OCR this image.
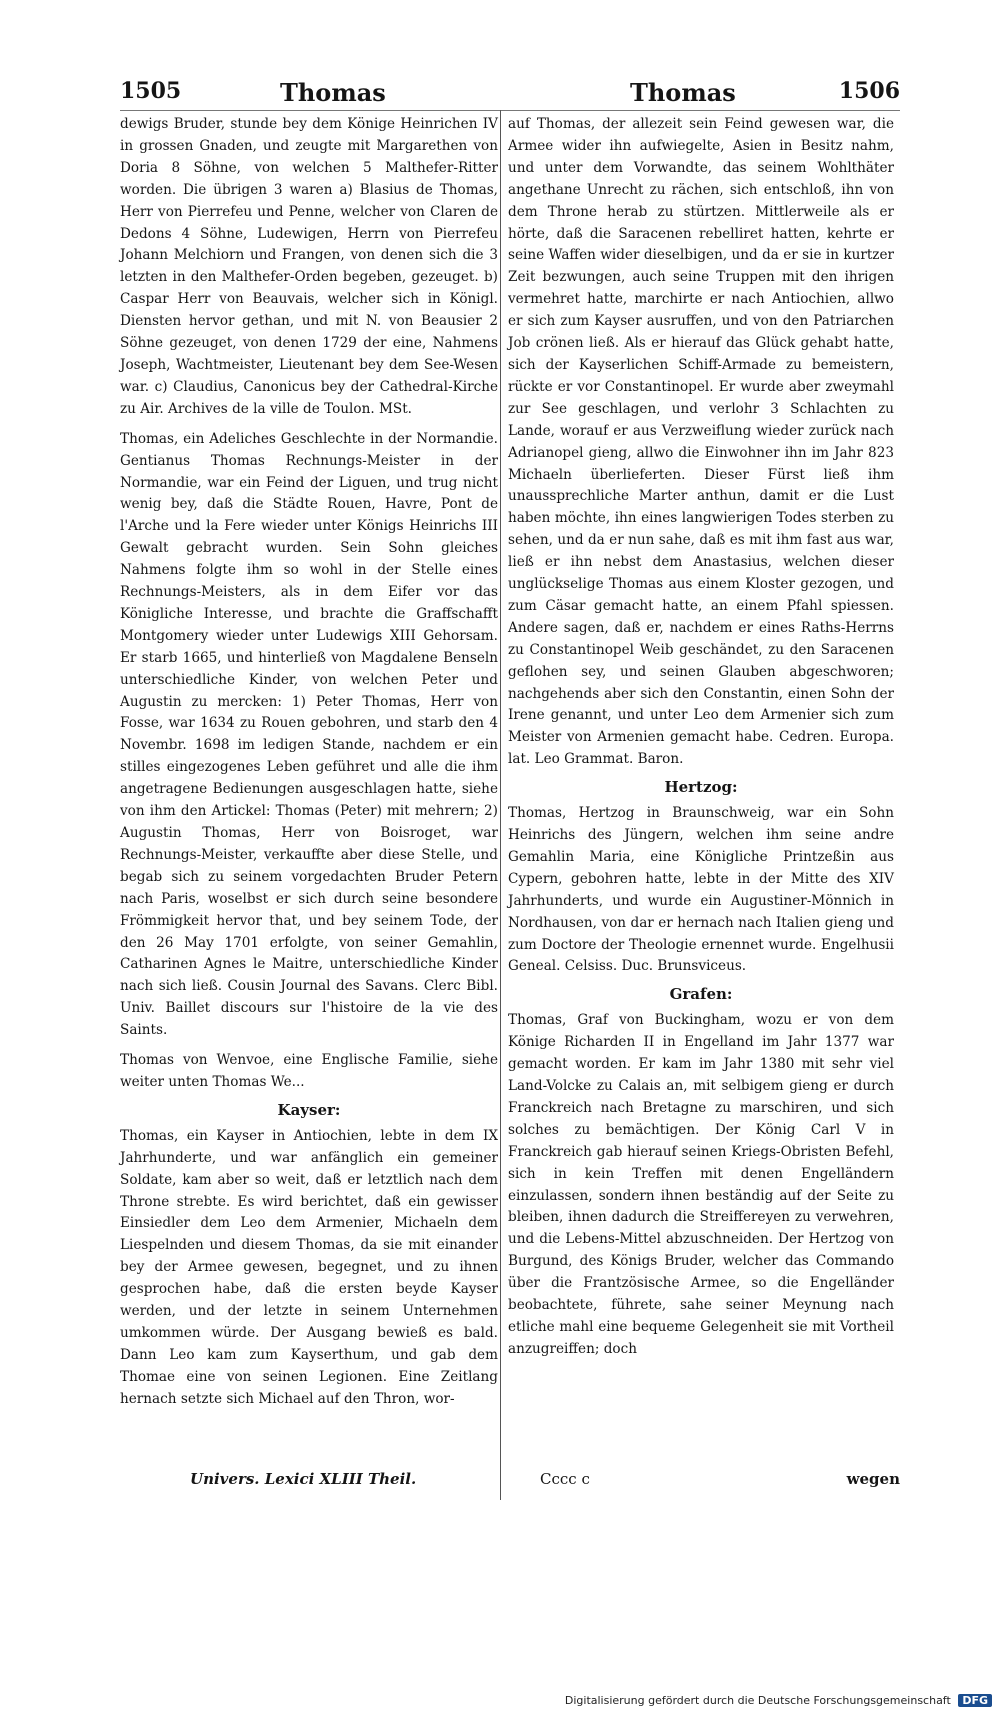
1505	Thomas	Thomas	1506

dewigs Bruder, stunde bey dem Könige Heinrichen IV in grossen Gnaden, und zeugte mit Margarethen von Doria 8 Söhne, von welchen 5 Malthefer-Ritter worden. Die übrigen 3 waren a) Blasius de Thomas, Herr von Pierrefeu und Penne, welcher von Claren de Dedons 4 Söhne, Ludewigen, Herrn von Pierrefeu Johann Melchiorn und Frangen, von denen sich die 3 letzten in den Malthefer-Orden begeben, gezeuget. b) Caspar Herr von Beauvais, welcher sich in Königl. Diensten hervor gethan, und mit N. von Beausier 2 Söhne gezeuget, von denen 1729 der eine, Nahmens Joseph, Wachtmeister, Lieutenant bey dem See-Wesen war. c) Claudius, Canonicus bey der Cathedral-Kirche zu Air. Archives de la ville de Toulon. MSt.

Thomas, ein Adeliches Geschlechte in der Normandie. Gentianus Thomas Rechnungs-Meister in der Normandie, war ein Feind der Liguen, und trug nicht wenig bey, daß die Städte Rouen, Havre, Pont de l'Arche und la Fere wieder unter Königs Heinrichs III Gewalt gebracht wurden. Sein Sohn gleiches Nahmens folgte ihm so wohl in der Stelle eines Rechnungs-Meisters, als in dem Eifer vor das Königliche Interesse, und brachte die Graffschafft Montgomery wieder unter Ludewigs XIII Gehorsam. Er starb 1665, und hinterließ von Magdalene Benseln unterschiedliche Kinder, von welchen Peter und Augustin zu mercken: 1) Peter Thomas, Herr von Fosse, war 1634 zu Rouen gebohren, und starb den 4 Novembr. 1698 im ledigen Stande, nachdem er ein stilles eingezogenes Leben geführet und alle die ihm angetragene Bedienungen ausgeschlagen hatte, siehe von ihm den Artickel: Thomas (Peter) mit mehrern; 2) Augustin Thomas, Herr von Boisroget, war Rechnungs-Meister, verkauffte aber diese Stelle, und begab sich zu seinem vorgedachten Bruder Petern nach Paris, woselbst er sich durch seine besondere Frömmigkeit hervor that, und bey seinem Tode, der den 26 May 1701 erfolgte, von seiner Gemahlin, Catharinen Agnes le Maitre, unterschiedliche Kinder nach sich ließ. Cousin Journal des Savans. Clerc Bibl. Univ. Baillet discours sur l'histoire de la vie des Saints.

Thomas von Wenvoe, eine Englische Familie, siehe weiter unten Thomas We...

Kayser:

Thomas, ein Kayser in Antiochien, lebte in dem IX Jahrhunderte, und war anfänglich ein gemeiner Soldate, kam aber so weit, daß er letztlich nach dem Throne strebte. Es wird berichtet, daß ein gewisser Einsiedler dem Leo dem Armenier, Michaeln dem Liespelnden und diesem Thomas, da sie mit einander bey der Armee gewesen, begegnet, und zu ihnen gesprochen habe, daß die ersten beyde Kayser werden, und der letzte in seinem Unternehmen umkommen würde. Der Ausgang bewieß es bald. Dann Leo kam zum Kayserthum, und gab dem Thomae eine von seinen Legionen. Eine Zeitlang hernach setzte sich Michael auf den Thron, wor-

auf Thomas, der allezeit sein Feind gewesen war, die Armee wider ihn aufwiegelte, Asien in Besitz nahm, und unter dem Vorwandte, das seinem Wohlthäter angethane Unrecht zu rächen, sich entschloß, ihn von dem Throne herab zu stürtzen. Mittlerweile als er hörte, daß die Saracenen rebelliret hatten, kehrte er seine Waffen wider dieselbigen, und da er sie in kurtzer Zeit bezwungen, auch seine Truppen mit den ihrigen vermehret hatte, marchirte er nach Antiochien, allwo er sich zum Kayser ausruffen, und von den Patriarchen Job crönen ließ. Als er hierauf das Glück gehabt hatte, sich der Kayserlichen Schiff-Armade zu bemeistern, rückte er vor Constantinopel. Er wurde aber zweymahl zur See geschlagen, und verlohr 3 Schlachten zu Lande, worauf er aus Verzweiflung wieder zurück nach Adrianopel gieng, allwo die Einwohner ihn im Jahr 823 Michaeln überlieferten. Dieser Fürst ließ ihm unaussprechliche Marter anthun, damit er die Lust haben möchte, ihn eines langwierigen Todes sterben zu sehen, und da er nun sahe, daß es mit ihm fast aus war, ließ er ihn nebst dem Anastasius, welchen dieser unglückselige Thomas aus einem Kloster gezogen, und zum Cäsar gemacht hatte, an einem Pfahl spiessen. Andere sagen, daß er, nachdem er eines Raths-Herrns zu Constantinopel Weib geschändet, zu den Saracenen geflohen sey, und seinen Glauben abgeschworen; nachgehends aber sich den Constantin, einen Sohn der Irene genannt, und unter Leo dem Armenier sich zum Meister von Armenien gemacht habe. Cedren. Europa. lat. Leo Grammat. Baron.

Hertzog:

Thomas, Hertzog in Braunschweig, war ein Sohn Heinrichs des Jüngern, welchen ihm seine andre Gemahlin Maria, eine Königliche Printzeßin aus Cypern, gebohren hatte, lebte in der Mitte des XIV Jahrhunderts, und wurde ein Augustiner-Mönnich in Nordhausen, von dar er hernach nach Italien gieng und zum Doctore der Theologie ernennet wurde. Engelhusii Geneal. Celsiss. Duc. Brunsviceus.

Grafen:

Thomas, Graf von Buckingham, wozu er von dem Könige Richarden II in Engelland im Jahr 1377 war gemacht worden. Er kam im Jahr 1380 mit sehr viel Land-Volcke zu Calais an, mit selbigem gieng er durch Franckreich nach Bretagne zu marschiren, und sich solches zu bemächtigen. Der König Carl V in Franckreich gab hierauf seinen Kriegs-Obristen Befehl, sich in kein Treffen mit denen Engelländern einzulassen, sondern ihnen beständig auf der Seite zu bleiben, ihnen dadurch die Streiffereyen zu verwehren, und die Lebens-Mittel abzuschneiden. Der Hertzog von Burgund, des Königs Bruder, welcher das Commando über die Frantzösische Armee, so die Engelländer beobachtete, führete, sahe seiner Meynung nach etliche mahl eine bequeme Gelegenheit sie mit Vortheil anzugreiffen; doch

Univers. Lexici XLIII Theil.	Cccc c	wegen
Digitalisierung gefördert durch die Deutsche Forschungsgemeinschaft DFG
